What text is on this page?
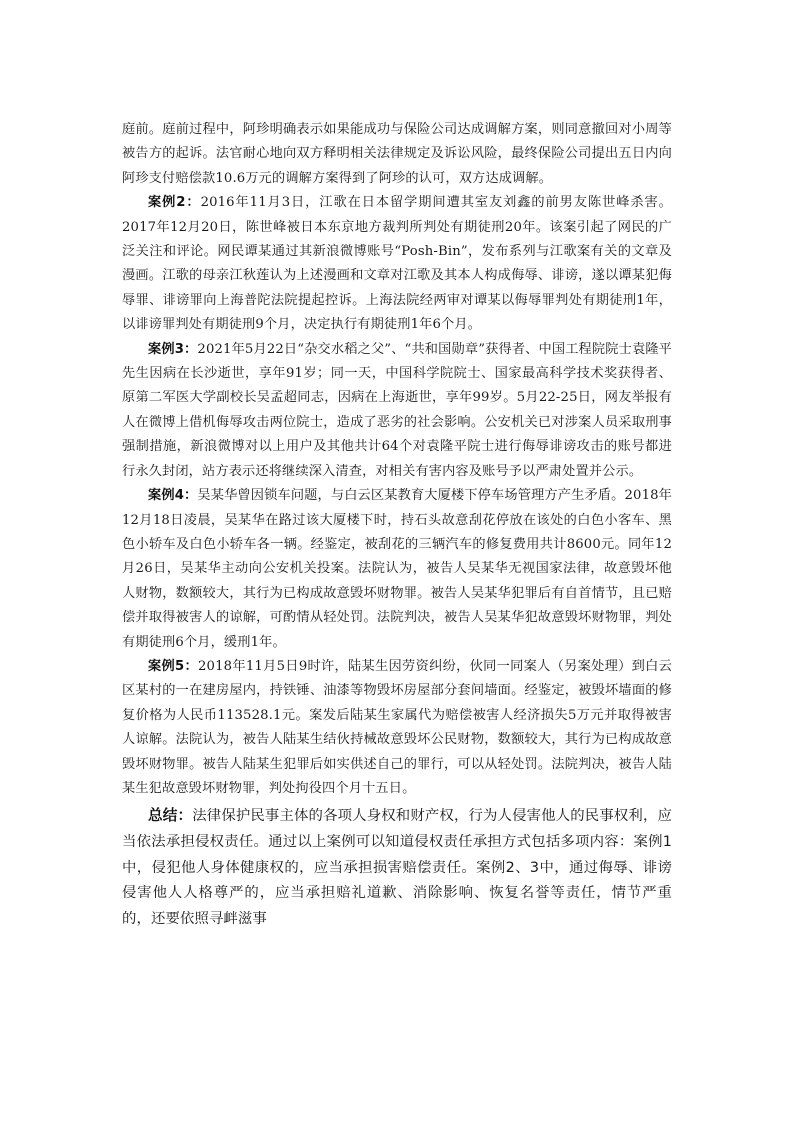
庭前。庭前过程中，阿珍明确表示如果能成功与保险公司达成调解方案，则同意撤回对小周等被告方的起诉。法官耐心地向双方释明相关法律规定及诉讼风险，最终保险公司提出五日内向阿珍支付赔偿款10.6万元的调解方案得到了阿珍的认可，双方达成调解。

案例2：2016年11月3日，江歌在日本留学期间遭其室友刘鑫的前男友陈世峰杀害。2017年12月20日，陈世峰被日本东京地方裁判所判处有期徒刑20年。该案引起了网民的广泛关注和评论。网民谭某通过其新浪微博账号“Posh-Bin”，发布系列与江歌案有关的文章及漫画。江歌的母亲江秋莲认为上述漫画和文章对江歌及其本人构成侮辱、诽谤，遂以谭某犯侮辱罪、诽谤罪向上海普陀法院提起控诉。上海法院经两审对谭某以侮辱罪判处有期徒刑1年，以诽谤罪判处有期徒刑9个月，决定执行有期徒刑1年6个月。

案例3：2021年5月22日“杂交水稻之父”、“共和国勋章”获得者、中国工程院院士袁隆平先生因病在长沙逝世，享年91岁；同一天，中国科学院院士、国家最高科学技术奖获得者、原第二军医大学副校长吴孟超同志，因病在上海逝世，享年99岁。5月22-25日，网友举报有人在微博上借机侮辱攻击两位院士，造成了恶劣的社会影响。公安机关已对涉案人员采取刑事强制措施，新浪微博对以上用户及其他共计64个对袁隆平院士进行侮辱诽谤攻击的账号都进行永久封闭，站方表示还将继续深入清查，对相关有害内容及账号予以严肃处置并公示。

案例4：吴某华曾因锁车问题，与白云区某教育大厦楼下停车场管理方产生矛盾。2018年12月18日凌晨，吴某华在路过该大厦楼下时，持石头故意刮花停放在该处的白色小客车、黑色小轿车及白色小轿车各一辆。经鉴定，被刮花的三辆汽车的修复费用共计8600元。同年12月26日，吴某华主动向公安机关投案。法院认为，被告人吴某华无视国家法律，故意毁坏他人财物，数额较大，其行为已构成故意毁坏财物罪。被告人吴某华犯罪后有自首情节，且已赔偿并取得被害人的谅解，可酌情从轻处罚。法院判决，被告人吴某华犯故意毁坏财物罪，判处有期徒刑6个月，缓刑1年。

案例5：2018年11月5日9时许，陆某生因劳资纠纷，伙同一同案人（另案处理）到白云区某村的一在建房屋内，持铁锤、油漆等物毁坏房屋部分套间墙面。经鉴定，被毁坏墙面的修复价格为人民币113528.1元。案发后陆某生家属代为赔偿被害人经济损失5万元并取得被害人谅解。法院认为，被告人陆某生结伙持械故意毁坏公民财物，数额较大，其行为已构成故意毁坏财物罪。被告人陆某生犯罪后如实供述自己的罪行，可以从轻处罚。法院判决，被告人陆某生犯故意毁坏财物罪，判处拘役四个月十五日。

总结：法律保护民事主体的各项人身权和财产权，行为人侵害他人的民事权利，应当依法承担侵权责任。通过以上案例可以知道侵权责任承担方式包括多项内容：案例1中，侵犯他人身体健康权的，应当承担损害赔偿责任。案例2、3中，通过侮辱、诽谤侵害他人人格尊严的，应当承担赔礼道歉、消除影响、恢复名誉等责任，情节严重的，还要依照寻衅滋事
